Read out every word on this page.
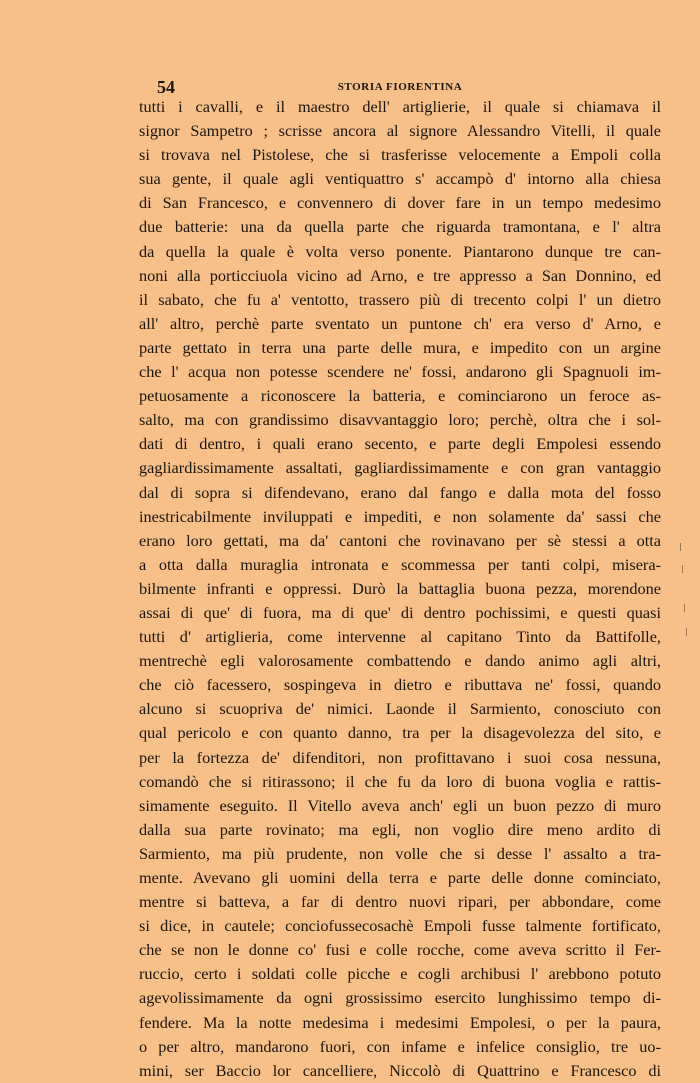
54	STORIA FIORENTINA
tutti i cavalli, e il maestro dell' artiglierie, il quale si chiamava il
signor Sampetro ; scrisse ancora al signore Alessandro Vitelli, il quale
si trovava nel Pistolese, che si trasferisse velocemente a Empoli colla
sua gente, il quale agli ventiquattro s' accampò d' intorno alla chiesa
di San Francesco, e convennero di dover fare in un tempo medesimo
due batterie: una da quella parte che riguarda tramontana, e l' altra
da quella la quale è volta verso ponente. Piantarono dunque tre can-
noni alla porticciuola vicino ad Arno, e tre appresso a San Donnino, ed
il sabato, che fu a' ventotto, trassero più di trecento colpi l' un dietro
all' altro, perchè parte sventato un puntone ch' era verso d' Arno, e
parte gettato in terra una parte delle mura, e impedito con un argine
che l' acqua non potesse scendere ne' fossi, andarono gli Spagnuoli im-
petuosamente a riconoscere la batteria, e cominciarono un feroce as-
salto, ma con grandissimo disavvantaggio loro; perchè, oltra che i sol-
dati di dentro, i quali erano secento, e parte degli Empolesi essendo
gagliardissimamente assaltati, gagliardissimamente e con gran vantaggio
dal di sopra si difendevano, erano dal fango e dalla mota del fosso
inestricabilmente inviluppati e impediti, e non solamente da' sassi che
erano loro gettati, ma da' cantoni che rovinavano per sè stessi a otta
a otta dalla muraglia intronata e scommessa per tanti colpi, misera-
bilmente infranti e oppressi. Durò la battaglia buona pezza, morendone
assai di que' di fuora, ma di que' di dentro pochissimi, e questi quasi
tutti d' artiglieria, come intervenne al capitano Tinto da Battifolle,
mentrechè egli valorosamente combattendo e dando animo agli altri,
che ciò facessero, sospingeva in dietro e ributtava ne' fossi, quando
alcuno si scuopriva de' nimici. Laonde il Sarmiento, conosciuto con
qual pericolo e con quanto danno, tra per la disagevolezza del sito, e
per la fortezza de' difenditori, non profittavano i suoi cosa nessuna,
comandò che si ritirassono; il che fu da loro di buona voglia e rattis-
simamente eseguito. Il Vitello aveva anch' egli un buon pezzo di muro
dalla sua parte rovinato; ma egli, non voglio dire meno ardito di
Sarmiento, ma più prudente, non volle che si desse l' assalto a tra-
mente. Avevano gli uomini della terra e parte delle donne cominciato,
mentre si batteva, a far di dentro nuovi ripari, per abbondare, come
si dice, in cautele; conciofussecosachè Empoli fusse talmente fortificato,
che se non le donne co' fusi e colle rocche, come aveva scritto il Fer-
ruccio, certo i soldati colle picche e cogli archibusi l' arebbono potuto
agevolissimamente da ogni grossissimo esercito lunghissimo tempo di-
fendere. Ma la notte medesima i medesimi Empolesi, o per la paura,
o per altro, mandarono fuori, con infame e infelice consiglio, tre uo-
mini, ser Baccio lor cancelliere, Niccolò di Quattrino e Francesco di
